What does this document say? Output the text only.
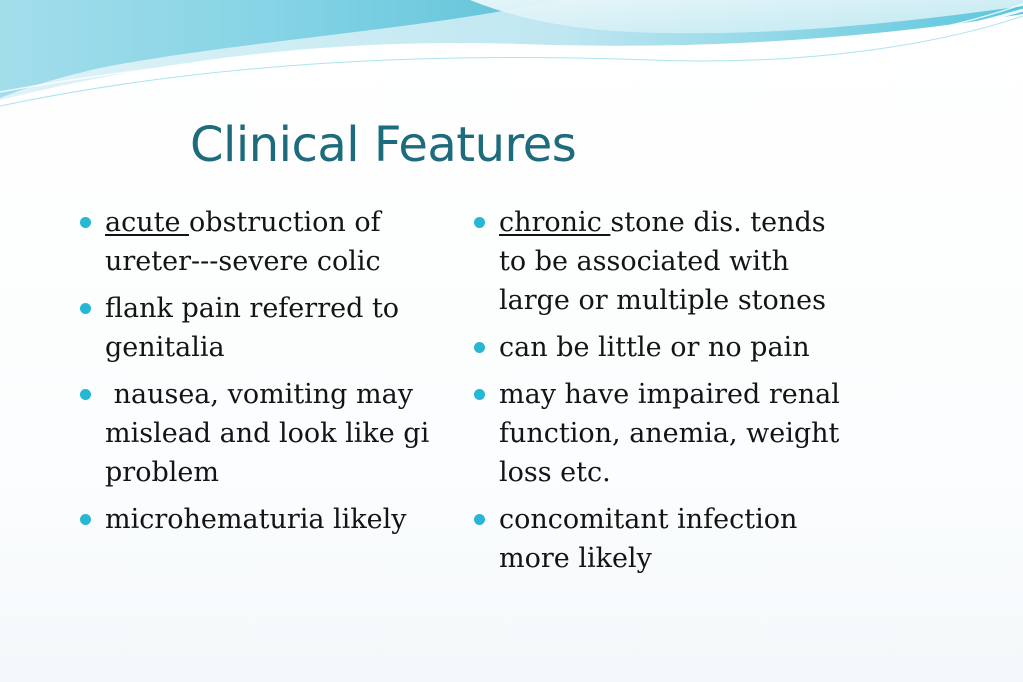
Clinical Features
acute obstruction of ureter---severe colic
flank pain referred to genitalia
nausea, vomiting may mislead and look like gi problem
microhematuria likely
chronic stone dis. tends to be associated with large or multiple stones
can be little or no pain
may have impaired renal function, anemia, weight loss etc.
concomitant infection more likely
